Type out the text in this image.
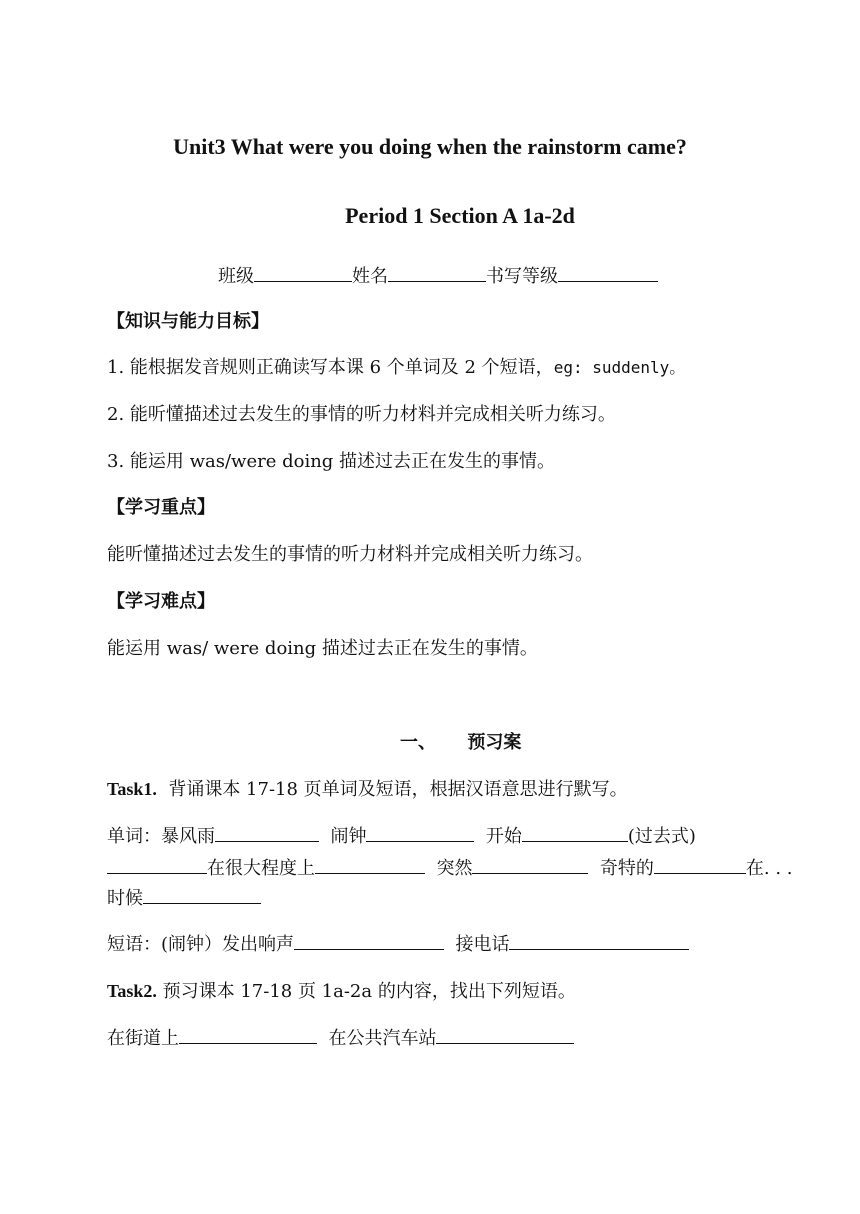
Unit3 What were you doing when the rainstorm came?
Period 1 Section A 1a-2d
班级	姓名	书写等级
【知识与能力目标】
1. 能根据发音规则正确读写本课 6 个单词及 2 个短语，eg: suddenly。
2. 能听懂描述过去发生的事情的听力材料并完成相关听力练习。
3. 能运用 was/were doing 描述过去正在发生的事情。
【学习重点】
能听懂描述过去发生的事情的听力材料并完成相关听力练习。
【学习难点】
能运用 was/ were doing 描述过去正在发生的事情。
一、     预习案
Task1. 背诵课本 17-18 页单词及短语，根据汉语意思进行默写。
单词：暴风雨	闹钟	开始	(过去式)
在很大程度上	突然	奇特的	在. . .
时候
短语：(闹钟）发出响声	接电话
Task2. 预习课本 17-18 页 1a-2a 的内容，找出下列短语。
在街道上	在公共汽车站
